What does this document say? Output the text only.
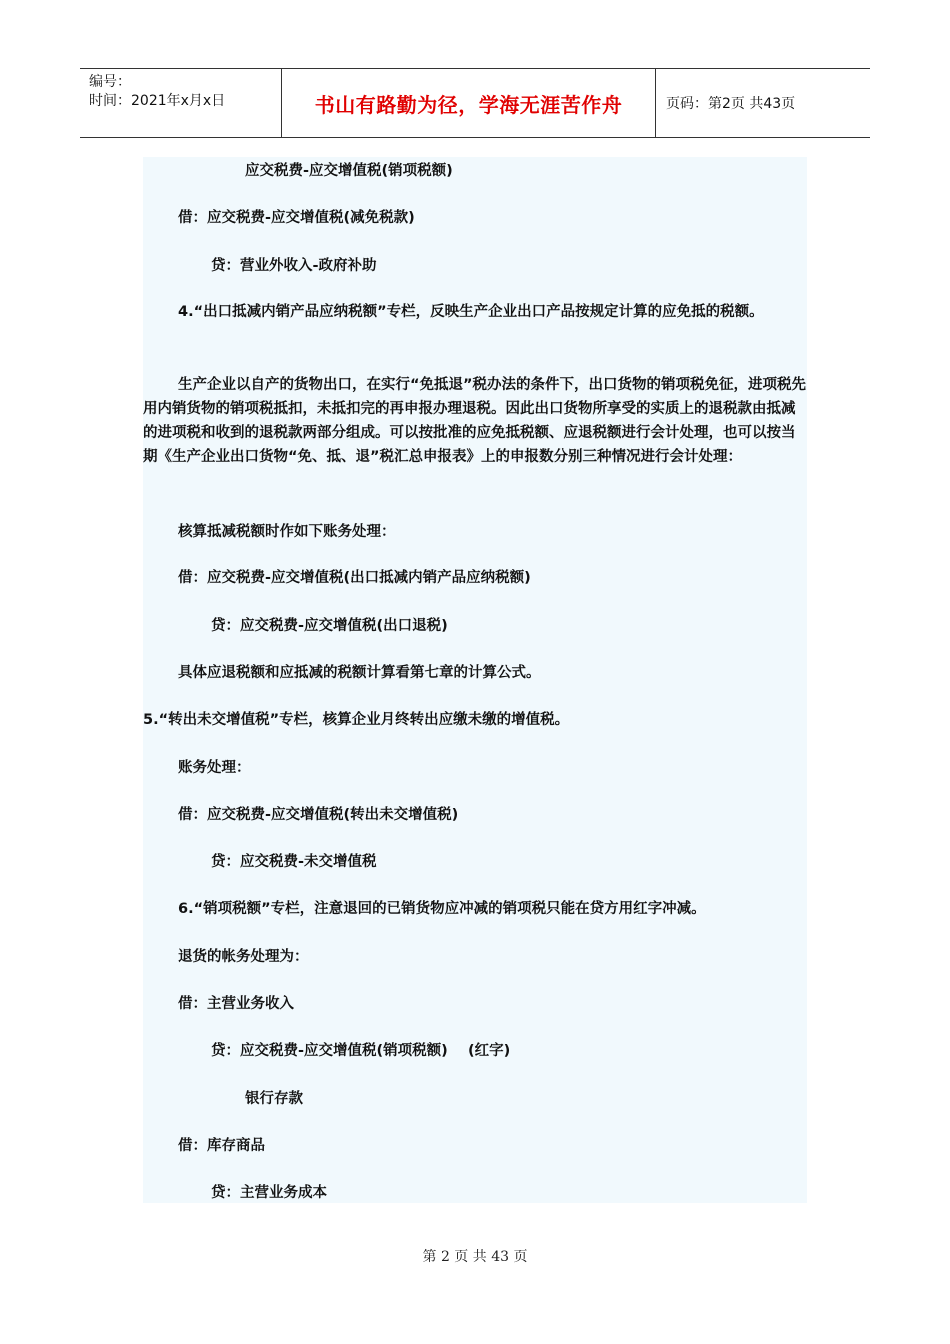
编号：
时间：2021年x月x日	书山有路勤为径，学海无涯苦作舟	页码：第2页 共43页
应交税费-应交增值税(销项税额)
借：应交税费-应交增值税(减免税款)
贷：营业外收入-政府补助
4.“出口抵减内销产品应纳税额”专栏，反映生产企业出口产品按规定计算的应免抵的税额。
生产企业以自产的货物出口，在实行“免抵退”税办法的条件下，出口货物的销项税免征，进项税先用内销货物的销项税抵扣，未抵扣完的再申报办理退税。因此出口货物所享受的实质上的退税款由抵减的进项税和收到的退税款两部分组成。可以按批准的应免抵税额、应退税额进行会计处理，也可以按当期《生产企业出口货物“免、抵、退”税汇总申报表》上的申报数分别三种情况进行会计处理：
核算抵减税额时作如下账务处理：
借：应交税费-应交增值税(出口抵减内销产品应纳税额)
贷：应交税费-应交增值税(出口退税)
具体应退税额和应抵减的税额计算看第七章的计算公式。
5.“转出未交增值税”专栏，核算企业月终转出应缴未缴的增值税。
账务处理：
借：应交税费-应交增值税(转出未交增值税)
贷：应交税费-未交增值税
6.“销项税额”专栏，注意退回的已销货物应冲减的销项税只能在贷方用红字冲减。
退货的帐务处理为：
借：主营业务收入
贷：应交税费-应交增值税(销项税额)    (红字)
银行存款
借：库存商品
贷：主营业务成本
第 2 页 共 43 页
